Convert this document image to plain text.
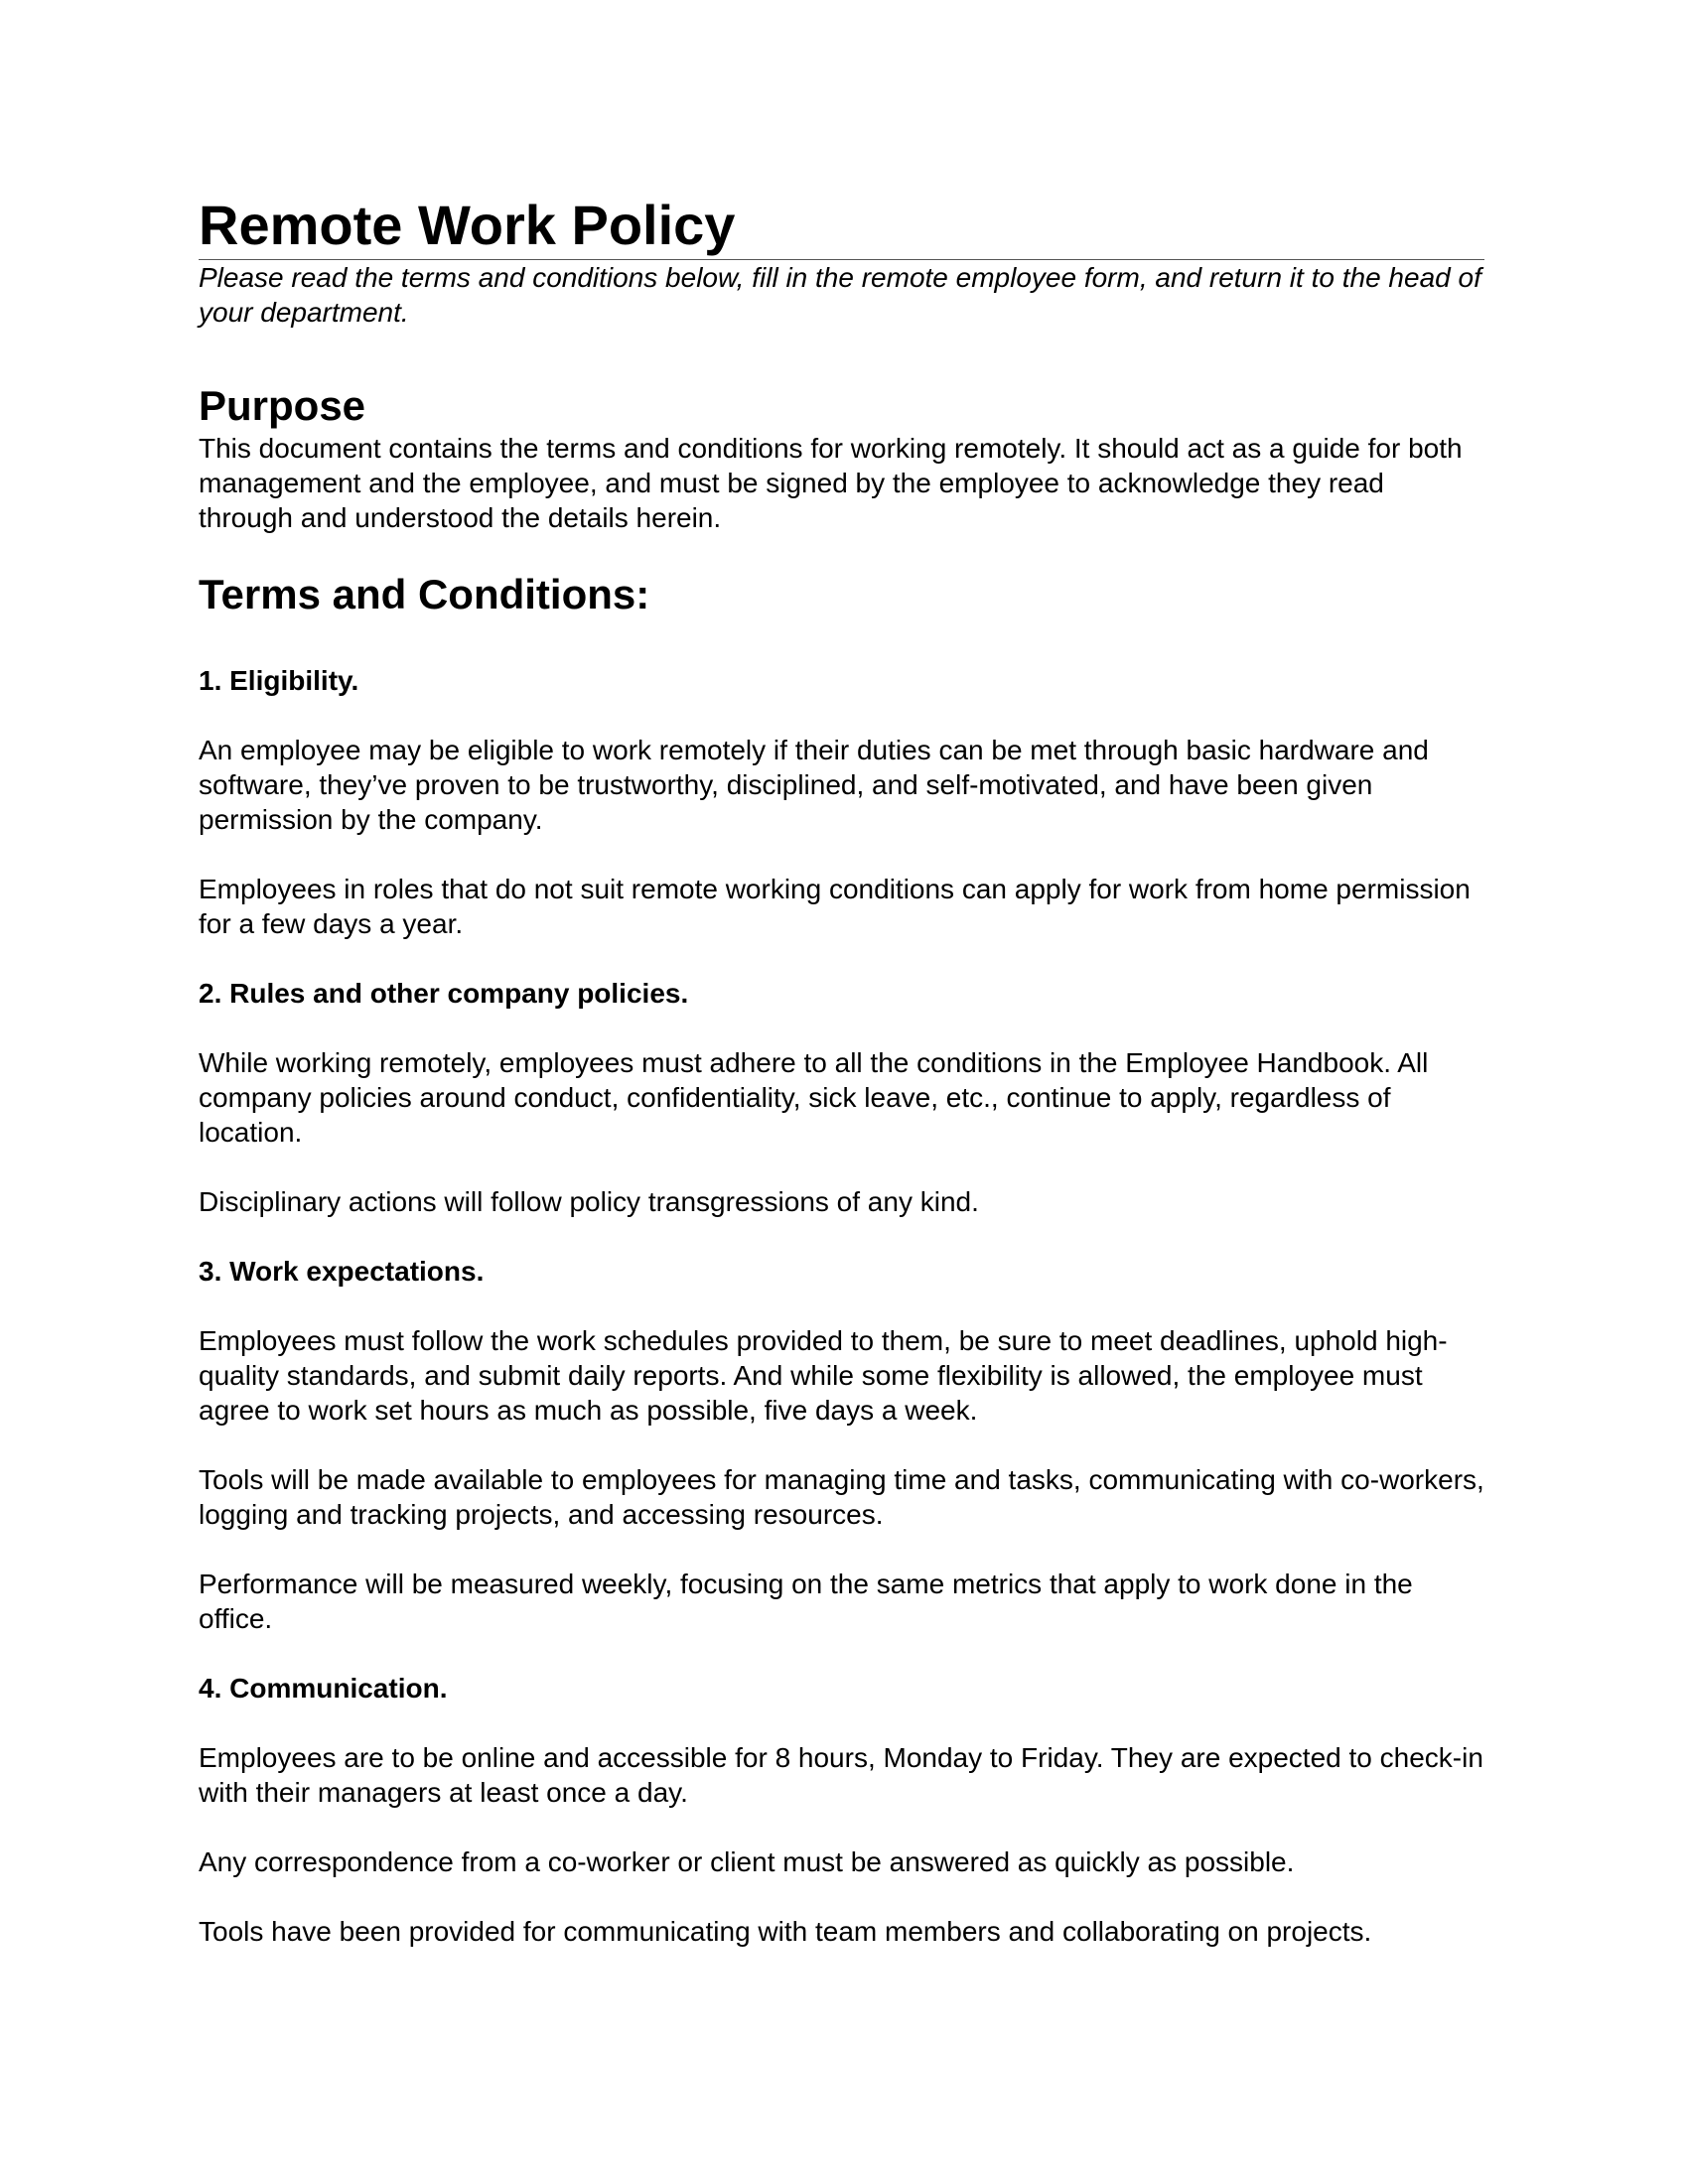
Remote Work Policy

Please read the terms and conditions below, fill in the remote employee form, and return it to the head of your department.

Purpose

This document contains the terms and conditions for working remotely. It should act as a guide for both management and the employee, and must be signed by the employee to acknowledge they read through and understood the details herein.

Terms and Conditions:

1. Eligibility.

An employee may be eligible to work remotely if their duties can be met through basic hardware and software, they’ve proven to be trustworthy, disciplined, and self-motivated, and have been given permission by the company.

Employees in roles that do not suit remote working conditions can apply for work from home permission for a few days a year.

2. Rules and other company policies.

While working remotely, employees must adhere to all the conditions in the Employee Handbook. All company policies around conduct, confidentiality, sick leave, etc., continue to apply, regardless of location.

Disciplinary actions will follow policy transgressions of any kind.

3. Work expectations.

Employees must follow the work schedules provided to them, be sure to meet deadlines, uphold high-quality standards, and submit daily reports. And while some flexibility is allowed, the employee must agree to work set hours as much as possible, five days a week.

Tools will be made available to employees for managing time and tasks, communicating with co-workers, logging and tracking projects, and accessing resources.

Performance will be measured weekly, focusing on the same metrics that apply to work done in the office.

4. Communication.

Employees are to be online and accessible for 8 hours, Monday to Friday. They are expected to check-in with their managers at least once a day.

Any correspondence from a co-worker or client must be answered as quickly as possible.

Tools have been provided for communicating with team members and collaborating on projects.
